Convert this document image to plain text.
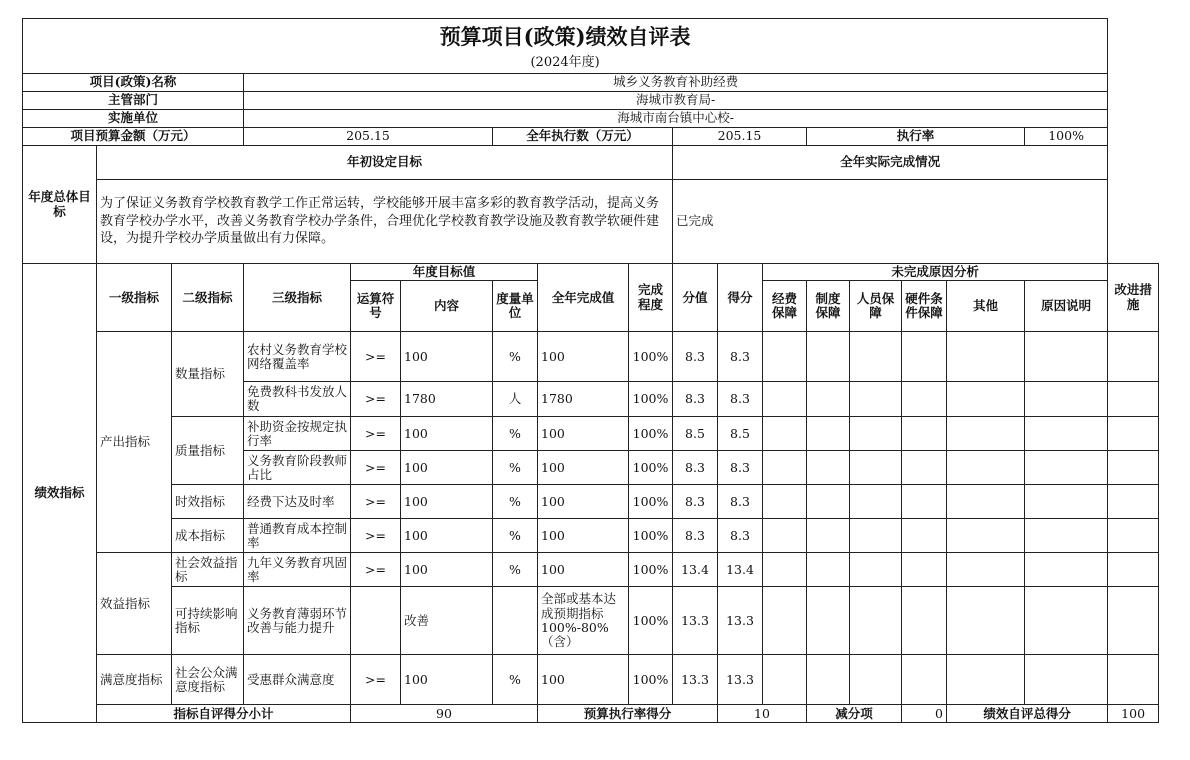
预算项目(政策)绩效自评表
(2024年度)																	

项目(政策)名称			城乡义务教育补助经费														
主管部门			海城市教育局-														
实施单位			海城市南台镇中心校-														
项目预算金额（万元）			205.15			全年执行数（万元）			205.15			执行率				100%	
年度总体目标	年初设定目标								全年实际完成情况								
	为了保证义务教育学校教育教学工作正常运转，学校能够开展丰富多彩的教育教学活动，提高义务教育学校办学水平，改善义务教育学校办学条件，合理优化学校教育教学设施及教育教学软硬件建设，为提升学校办学质量做出有力保障。								已完成								
绩效指标	一级指标	二级指标	三级指标	年度目标值			全年完成值	完成程度	分值	得分	未完成原因分析						改进措施
				运算符号	内容	度量单位					经费保障	制度保障	人员保障	硬件条件保障	其他	原因说明	
	产出指标	数量指标	农村义务教育学校网络覆盖率	>=	100	%	100	100%	8.3	8.3							
			免费教科书发放人数	>=	1780	人	1780	100%	8.3	8.3							
		质量指标	补助资金按规定执行率	>=	100	%	100	100%	8.5	8.5							
			义务教育阶段教师占比	>=	100	%	100	100%	8.3	8.3							
		时效指标	经费下达及时率	>=	100	%	100	100%	8.3	8.3							
		成本指标	普通教育成本控制率	>=	100	%	100	100%	8.3	8.3							
	效益指标	社会效益指标	九年义务教育巩固率	>=	100	%	100	100%	13.4	13.4							
		可持续影响指标	义务教育薄弱环节改善与能力提升		改善		全部或基本达成预期指标100%-80%（含）	100%	13.3	13.3							
	满意度指标	社会公众满意度指标	受惠群众满意度	>=	100	%	100	100%	13.3	13.3							
	指标自评得分小计			90			预算执行率得分			10		减分项		0	绩效自评总得分		100
